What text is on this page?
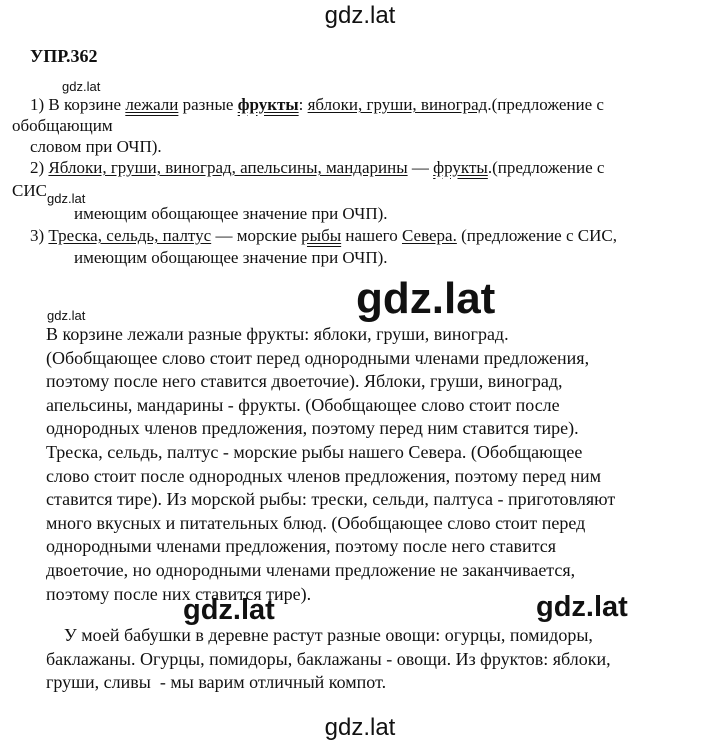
gdz.lat
gdz.lat
gdz.lat
gdz.lat	gdz.lat
gdz.lat	gdz.lat
gdz.lat
УПР.362
1) В корзине лежали разные фрукты: яблоки, груши, виноград.(предложение с
обобщающим
словом при ОЧП).
2) Яблоки, груши, виноград, апельсины, мандарины — фрукты.(предложение с
СИС
имеющим обощающее значение при ОЧП).
3) Треска, сельдь, палтус — морские рыбы нашего Севера. (предложение с СИС,
имеющим обощающее значение при ОЧП).
В корзине лежали разные фрукты: яблоки, груши, виноград.
(Обобщающее слово стоит перед однородными членами предложения,
поэтому после него ставится двоеточие). Яблоки, груши, виноград,
апельсины, мандарины - фрукты. (Обобщающее слово стоит после
однородных членов предложения, поэтому перед ним ставится тире).
Треска, сельдь, палтус - морские рыбы нашего Севера. (Обобщающее
слово стоит после однородных членов предложения, поэтому перед ним
ставится тире). Из морской рыбы: трески, сельди, палтуса - приготовляют
много вкусных и питательных блюд. (Обобщающее слово стоит перед
однородными членами предложения, поэтому после него ставится
двоеточие, но однородными членами предложение не заканчивается,
поэтому после них ставится тире).
У моей бабушки в деревне растут разные овощи: огурцы, помидоры,
баклажаны. Огурцы, помидоры, баклажаны - овощи. Из фруктов: яблоки,
груши, сливы  - мы варим отличный компот.
